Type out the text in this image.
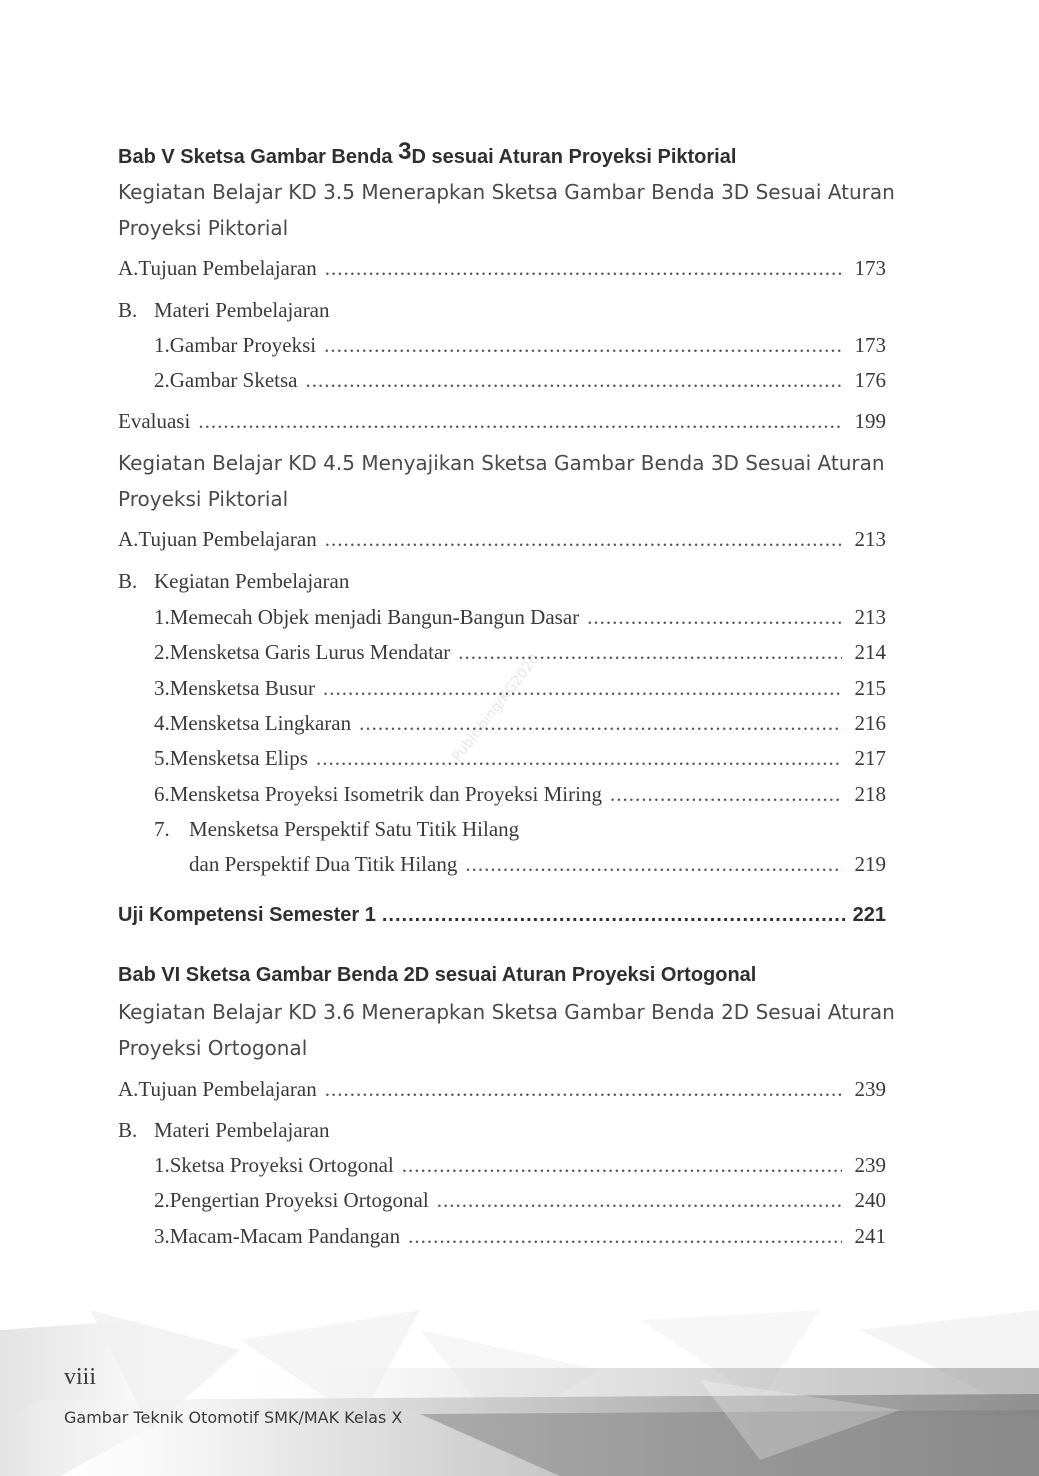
Bab V Sketsa Gambar Benda 3D sesuai Aturan Proyeksi Piktorial
Kegiatan Belajar KD 3.5 Menerapkan Sketsa Gambar Benda 3D Sesuai Aturan Proyeksi Piktorial
A. Tujuan Pembelajaran .....	173
B. Materi Pembelajaran
1. Gambar Proyeksi .....	173
2. Gambar Sketsa .....	176
Evaluasi .....	199
Kegiatan Belajar KD 4.5 Menyajikan Sketsa Gambar Benda 3D Sesuai Aturan Proyeksi Piktorial
A. Tujuan Pembelajaran .....	213
B. Kegiatan Pembelajaran
1. Memecah Objek menjadi Bangun-Bangun Dasar .....	213
2. Mensketsa Garis Lurus Mendatar .....	214
3. Mensketsa Busur .....	215
4. Mensketsa Lingkaran .....	216
5. Mensketsa Elips .....	217
6. Mensketsa Proyeksi Isometrik dan Proyeksi Miring .....	218
7. Mensketsa Perspektif Satu Titik Hilang
dan Perspektif Dua Titik Hilang .....	219
Publishing/KG2020
Uji Kompetensi Semester 1 .....	221
Bab VI Sketsa Gambar Benda 2D sesuai Aturan Proyeksi Ortogonal
Kegiatan Belajar KD 3.6 Menerapkan Sketsa Gambar Benda 2D Sesuai Aturan Proyeksi Ortogonal
A. Tujuan Pembelajaran .....	239
B. Materi Pembelajaran
1. Sketsa Proyeksi Ortogonal .....	239
2. Pengertian Proyeksi Ortogonal .....	240
3. Macam-Macam Pandangan .....	241
viii
Gambar Teknik Otomotif SMK/MAK Kelas X
